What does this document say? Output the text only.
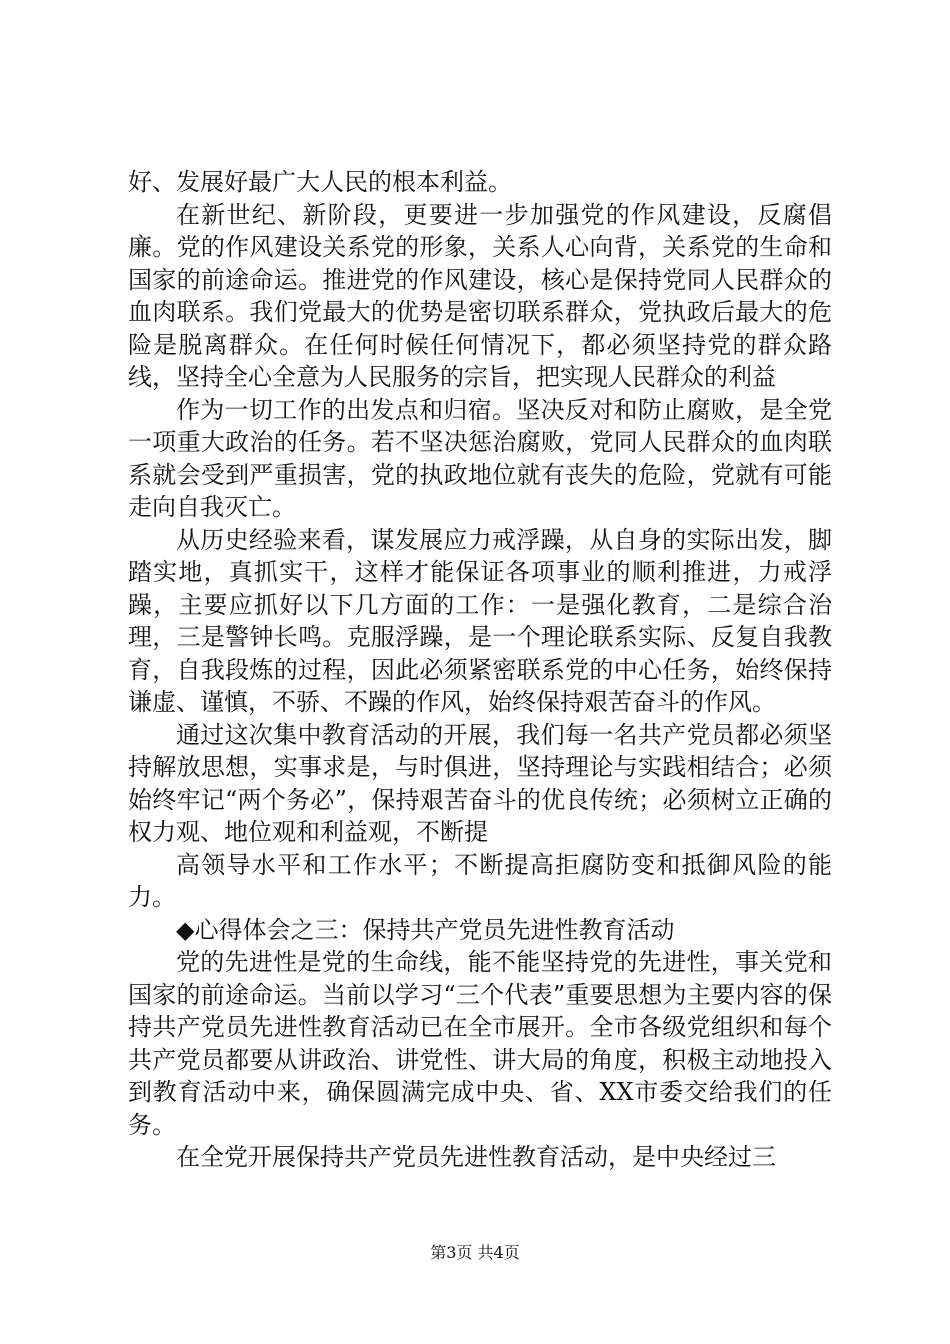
好、发展好最广大人民的根本利益。

在新世纪、新阶段，更要进一步加强党的作风建设，反腐倡廉。党的作风建设关系党的形象，关系人心向背，关系党的生命和国家的前途命运。推进党的作风建设，核心是保持党同人民群众的血肉联系。我们党最大的优势是密切联系群众，党执政后最大的危险是脱离群众。在任何时候任何情况下，都必须坚持党的群众路线，坚持全心全意为人民服务的宗旨，把实现人民群众的利益

作为一切工作的出发点和归宿。坚决反对和防止腐败，是全党一项重大政治的任务。若不坚决惩治腐败，党同人民群众的血肉联系就会受到严重损害，党的执政地位就有丧失的危险，党就有可能走向自我灭亡。

从历史经验来看，谋发展应力戒浮躁，从自身的实际出发，脚踏实地，真抓实干，这样才能保证各项事业的顺利推进，力戒浮躁，主要应抓好以下几方面的工作：一是强化教育，二是综合治理，三是警钟长鸣。克服浮躁，是一个理论联系实际、反复自我教育，自我段炼的过程，因此必须紧密联系党的中心任务，始终保持谦虚、谨慎，不骄、不躁的作风，始终保持艰苦奋斗的作风。

通过这次集中教育活动的开展，我们每一名共产党员都必须坚持解放思想，实事求是，与时俱进，坚持理论与实践相结合；必须始终牢记“两个务必”，保持艰苦奋斗的优良传统；必须树立正确的权力观、地位观和利益观，不断提

高领导水平和工作水平；不断提高拒腐防变和抵御风险的能力。

◆心得体会之三：保持共产党员先进性教育活动

党的先进性是党的生命线，能不能坚持党的先进性，事关党和国家的前途命运。当前以学习“三个代表”重要思想为主要内容的保持共产党员先进性教育活动已在全市展开。全市各级党组织和每个共产党员都要从讲政治、讲党性、讲大局的角度，积极主动地投入到教育活动中来，确保圆满完成中央、省、XX市委交给我们的任务。

在全党开展保持共产党员先进性教育活动，是中央经过三

第3页 共4页
